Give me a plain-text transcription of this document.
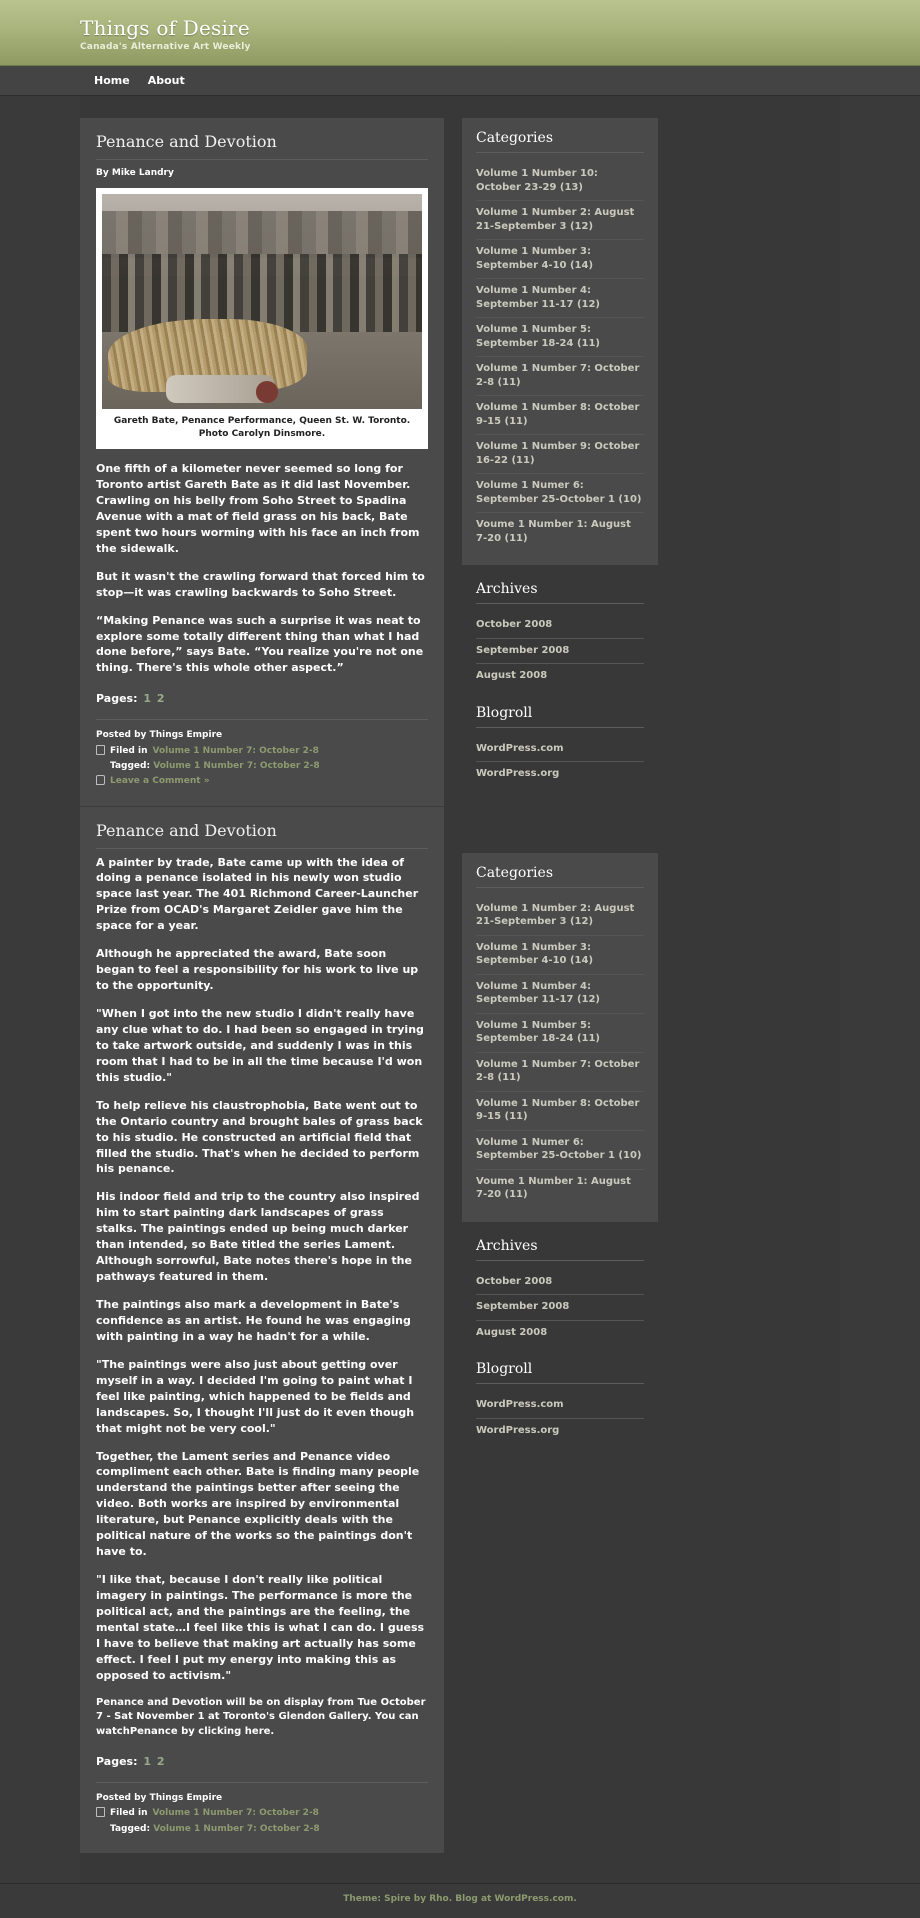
Things of Desire
Canada's Alternative Art Weekly
Home About
Penance and Devotion
By Mike Landry
Gareth Bate, Penance Performance, Queen St. W. Toronto. Photo Carolyn Dinsmore.

One fifth of a kilometer never seemed so long for Toronto artist Gareth Bate as it did last November. Crawling on his belly from Soho Street to Spadina Avenue with a mat of field grass on his back, Bate spent two hours worming with his face an inch from the sidewalk.

But it wasn't the crawling forward that forced him to stop—it was crawling backwards to Soho Street.

“Making Penance was such a surprise it was neat to explore some totally different thing than what I had done before,” says Bate. “You realize you're not one thing. There's this whole other aspect.”

Pages: 1 2
Posted by Things Empire
Filed in Volume 1 Number 7: October 2-8
Tagged: Volume 1 Number 7: October 2-8
Leave a Comment »
Penance and Devotion

A painter by trade, Bate came up with the idea of doing a penance isolated in his newly won studio space last year. The 401 Richmond Career-Launcher Prize from OCAD's Margaret Zeidler gave him the space for a year.

Although he appreciated the award, Bate soon began to feel a responsibility for his work to live up to the opportunity.

"When I got into the new studio I didn't really have any clue what to do. I had been so engaged in trying to take artwork outside, and suddenly I was in this room that I had to be in all the time because I'd won this studio."

To help relieve his claustrophobia, Bate went out to the Ontario country and brought bales of grass back to his studio. He constructed an artificial field that filled the studio. That's when he decided to perform his penance.

His indoor field and trip to the country also inspired him to start painting dark landscapes of grass stalks. The paintings ended up being much darker than intended, so Bate titled the series Lament. Although sorrowful, Bate notes there's hope in the pathways featured in them.

The paintings also mark a development in Bate's confidence as an artist. He found he was engaging with painting in a way he hadn't for a while.

"The paintings were also just about getting over myself in a way. I decided I'm going to paint what I feel like painting, which happened to be fields and landscapes. So, I thought I'll just do it even though that might not be very cool."

Together, the Lament series and Penance video compliment each other. Bate is finding many people understand the paintings better after seeing the video. Both works are inspired by environmental literature, but Penance explicitly deals with the political nature of the works so the paintings don't have to.

"I like that, because I don't really like political imagery in paintings. The performance is more the political act, and the paintings are the feeling, the mental state…I feel like this is what I can do. I guess I have to believe that making art actually has some effect. I feel I put my energy into making this as opposed to activism."

Penance and Devotion will be on display from Tue October 7 - Sat November 1 at Toronto's Glendon Gallery. You can watchPenance by clicking here.

Pages: 1 2
Posted by Things Empire
Filed in Volume 1 Number 7: October 2-8
Tagged: Volume 1 Number 7: October 2-8
Categories
Volume 1 Number 10: October 23-29 (13)
Volume 1 Number 2: August 21-September 3 (12)
Volume 1 Number 3: September 4-10 (14)
Volume 1 Number 4: September 11-17 (12)
Volume 1 Number 5: September 18-24 (11)
Volume 1 Number 7: October 2-8 (11)
Volume 1 Number 8: October 9-15 (11)
Volume 1 Number 9: October 16-22 (11)
Volume 1 Numer 6: September 25-October 1 (10)
Voume 1 Number 1: August 7-20 (11)
Archives
October 2008
September 2008
August 2008
Blogroll
WordPress.com
WordPress.org
Categories
Volume 1 Number 2: August 21-September 3 (12)
Volume 1 Number 3: September 4-10 (14)
Volume 1 Number 4: September 11-17 (12)
Volume 1 Number 5: September 18-24 (11)
Volume 1 Number 7: October 2-8 (11)
Volume 1 Number 8: October 9-15 (11)
Volume 1 Numer 6: September 25-October 1 (10)
Voume 1 Number 1: August 7-20 (11)
Archives
October 2008
September 2008
August 2008
Blogroll
WordPress.com
WordPress.org
Theme: Spire by Rho. Blog at WordPress.com.
